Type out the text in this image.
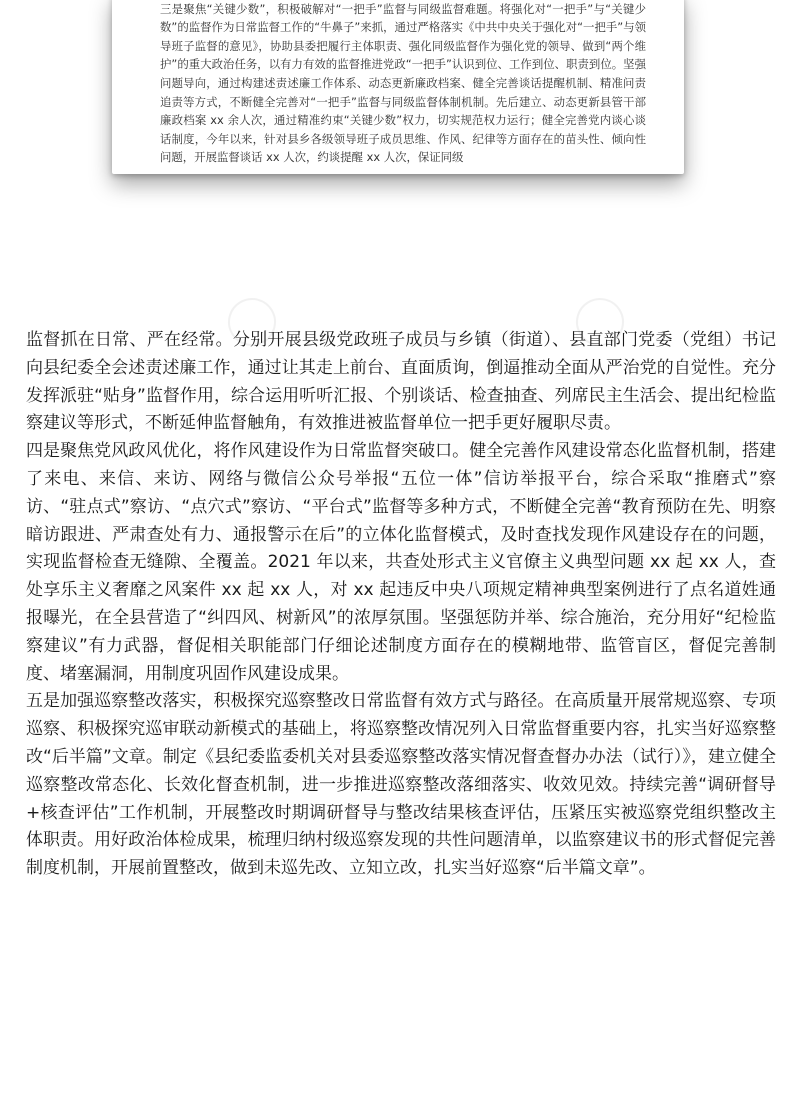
三是聚焦“关键少数”，积极破解对“一把手”监督与同级监督难题。将强化对“一把手”与“关键少数”的监督作为日常监督工作的“牛鼻子”来抓，通过严格落实《中共中央关于强化对“一把手”与领导班子监督的意见》，协助县委把履行主体职责、强化同级监督作为强化党的领导、做到“两个维护”的重大政治任务，以有力有效的监督推进党政“一把手”认识到位、工作到位、职责到位。坚强问题导向，通过构建述责述廉工作体系、动态更新廉政档案、健全完善谈话提醒机制、精准问责追责等方式，不断健全完善对“一把手”监督与同级监督体制机制。先后建立、动态更新县管干部廉政档案 xx 余人次，通过精准约束“关键少数”权力，切实规范权力运行；健全完善党内谈心谈话制度，今年以来，针对县乡各级领导班子成员思维、作风、纪律等方面存在的苗头性、倾向性问题，开展监督谈话 xx 人次，约谈提醒 xx 人次，保证同级

监督抓在日常、严在经常。分别开展县级党政班子成员与乡镇（街道）、县直部门党委（党组）书记向县纪委全会述责述廉工作，通过让其走上前台、直面质询，倒逼推动全面从严治党的自觉性。充分发挥派驻“贴身”监督作用，综合运用听听汇报、个别谈话、检查抽查、列席民主生活会、提出纪检监察建议等形式，不断延伸监督触角，有效推进被监督单位一把手更好履职尽责。

四是聚焦党风政风优化，将作风建设作为日常监督突破口。健全完善作风建设常态化监督机制，搭建了来电、来信、来访、网络与微信公众号举报“五位一体”信访举报平台，综合采取“推磨式”察访、“驻点式”察访、“点穴式”察访、“平台式”监督等多种方式，不断健全完善“教育预防在先、明察暗访跟进、严肃查处有力、通报警示在后”的立体化监督模式，及时查找发现作风建设存在的问题，实现监督检查无缝隙、全覆盖。2021 年以来，共查处形式主义官僚主义典型问题 xx 起 xx 人，查处享乐主义奢靡之风案件 xx 起 xx 人，对 xx 起违反中央八项规定精神典型案例进行了点名道姓通报曝光，在全县营造了“纠四风、树新风”的浓厚氛围。坚强惩防并举、综合施治，充分用好“纪检监察建议”有力武器，督促相关职能部门仔细论述制度方面存在的模糊地带、监管盲区，督促完善制度、堵塞漏洞，用制度巩固作风建设成果。

五是加强巡察整改落实，积极探究巡察整改日常监督有效方式与路径。在高质量开展常规巡察、专项巡察、积极探究巡审联动新模式的基础上，将巡察整改情况列入日常监督重要内容，扎实当好巡察整改“后半篇”文章。制定《县纪委监委机关对县委巡察整改落实情况督查督办办法（试行）》，建立健全巡察整改常态化、长效化督查机制，进一步推进巡察整改落细落实、收效见效。持续完善“调研督导+核查评估”工作机制，开展整改时期调研督导与整改结果核查评估，压紧压实被巡察党组织整改主体职责。用好政治体检成果，梳理归纳村级巡察发现的共性问题清单，以监察建议书的形式督促完善制度机制，开展前置整改，做到未巡先改、立知立改，扎实当好巡察“后半篇文章”。
